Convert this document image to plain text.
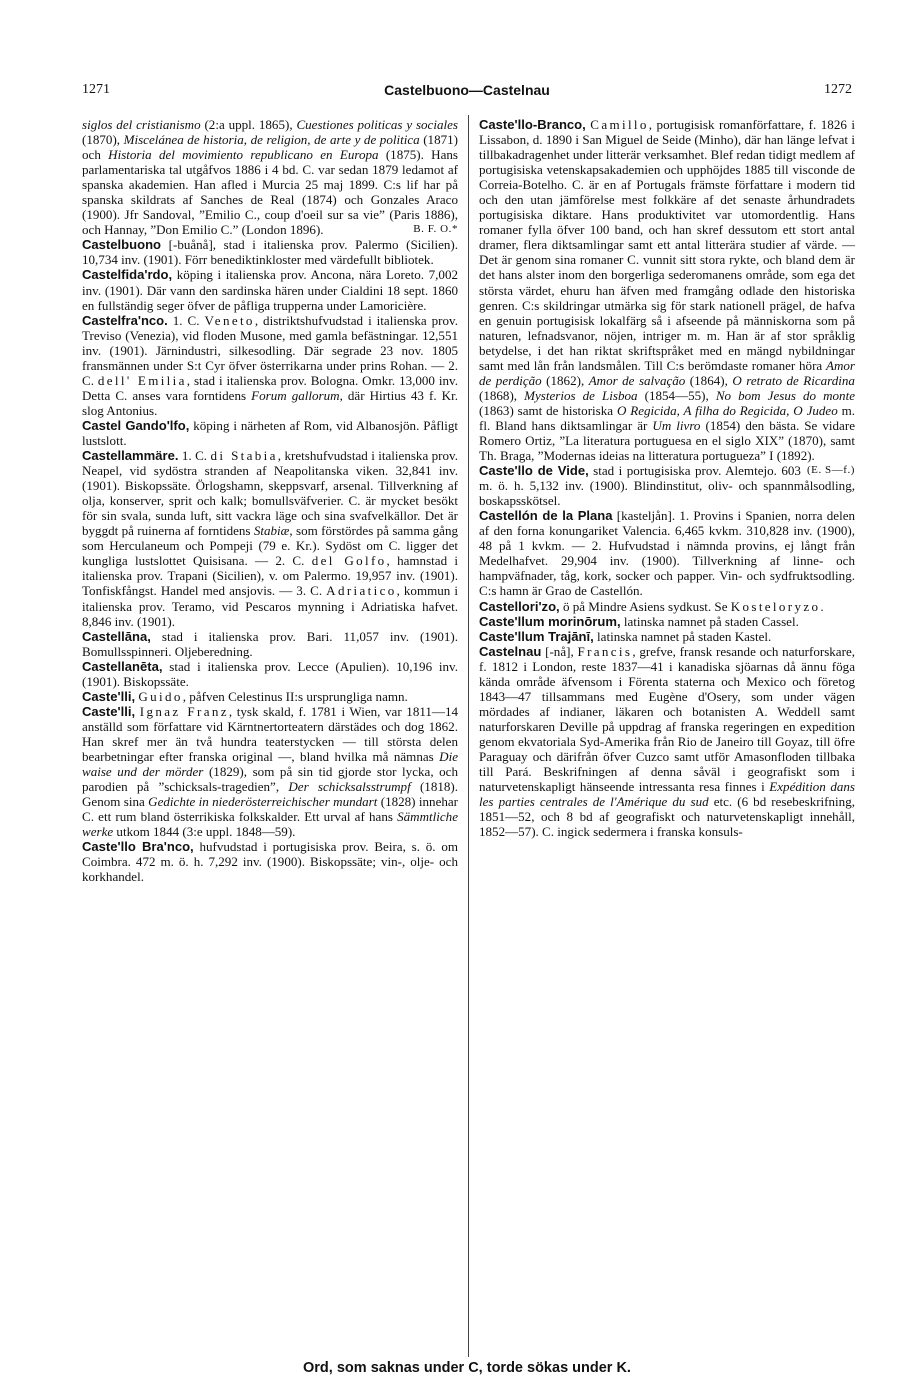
1271	Castelbuono—Castelnau	1272

siglos del cristianismo (2:a uppl. 1865), Cuestiones politicas y sociales (1870), Miscelánea de historia, de religion, de arte y de politica (1871) och Historia del movimiento republicano en Europa (1875). Hans parlamentariska tal utgåfvos 1886 i 4 bd. C. var sedan 1879 ledamot af spanska akademien. Han afled i Murcia 25 maj 1899. C:s lif har på spanska skildrats af Sanches de Real (1874) och Gonzales Araco (1900). Jfr Sandoval, ”Emilio C., coup d'oeil sur sa vie” (Paris 1886), och Hannay, ”Don Emilio C.” (London 1896).	B. F. O.*

Castelbuono [-buånå], stad i italienska prov. Palermo (Sicilien). 10,734 inv. (1901). Förr benediktinkloster med värdefullt bibliotek.

Castelfida'rdo, köping i italienska prov. Ancona, nära Loreto. 7,002 inv. (1901). Där vann den sardinska hären under Cialdini 18 sept. 1860 en fullständig seger öfver de påfliga trupperna under Lamoricière.

Castelfra'nco. 1. C. Veneto, distriktshufvudstad i italienska prov. Treviso (Venezia), vid floden Musone, med gamla befästningar. 12,551 inv. (1901). Järnindustri, silkesodling. Där segrade 23 nov. 1805 fransmännen under S:t Cyr öfver österrikarna under prins Rohan. — 2. C. dell' Emilia, stad i italienska prov. Bologna. Omkr. 13,000 inv. Detta C. anses vara forntidens Forum gallorum, där Hirtius 43 f. Kr. slog Antonius.

Castel Gando'lfo, köping i närheten af Rom, vid Albanosjön. Påfligt lustslott.

Castellammäre. 1. C. di Stabia, kretshufvudstad i italienska prov. Neapel, vid sydöstra stranden af Neapolitanska viken. 32,841 inv. (1901). Biskopssäte. Örlogshamn, skeppsvarf, arsenal. Tillverkning af olja, konserver, sprit och kalk; bomullsväfverier. C. är mycket besökt för sin svala, sunda luft, sitt vackra läge och sina svafvelkällor. Det är byggdt på ruinerna af forntidens Stabiæ, som förstördes på samma gång som Herculaneum och Pompeji (79 e. Kr.). Sydöst om C. ligger det kungliga lustslottet Quisisana. — 2. C. del Golfo, hamnstad i italienska prov. Trapani (Sicilien), v. om Palermo. 19,957 inv. (1901). Tonfiskfångst. Handel med ansjovis. — 3. C. Adriatico, kommun i italienska prov. Teramo, vid Pescaros mynning i Adriatiska hafvet. 8,846 inv. (1901).

Castellāna, stad i italienska prov. Bari. 11,057 inv. (1901). Bomullsspinneri. Oljeberedning.

Castellanēta, stad i italienska prov. Lecce (Apulien). 10,196 inv. (1901). Biskopssäte.

Caste'lli, Guido, påfven Celestinus II:s ursprungliga namn.

Caste'lli, Ignaz Franz, tysk skald, f. 1781 i Wien, var 1811—14 anställd som författare vid Kärntnertorteatern därstädes och dog 1862. Han skref mer än två hundra teaterstycken — till största delen bearbetningar efter franska original —, bland hvilka må nämnas Die waise und der mörder (1829), som på sin tid gjorde stor lycka, och parodien på ”schicksals-tragedien”, Der schicksalsstrumpf (1818). Genom sina Gedichte in niederösterreichischer mundart (1828) innehar C. ett rum bland österrikiska folkskalder. Ett urval af hans Sämmtliche werke utkom 1844 (3:e uppl. 1848—59).

Caste'llo Bra'nco, hufvudstad i portugisiska prov. Beira, s. ö. om Coimbra. 472 m. ö. h. 7,292 inv. (1900). Biskopssäte; vin-, olje- och korkhandel.

Caste'llo-Branco, Camillo, portugisisk romanförfattare, f. 1826 i Lissabon, d. 1890 i San Miguel de Seide (Minho), där han länge lefvat i tillbakadragenhet under litterär verksamhet. Blef redan tidigt medlem af portugisiska vetenskapsakademien och upphöjdes 1885 till visconde de Correia-Botelho. C. är en af Portugals främste författare i modern tid och den utan jämförelse mest folkkäre af det senaste århundradets portugisiska diktare. Hans produktivitet var utomordentlig. Hans romaner fylla öfver 100 band, och han skref dessutom ett stort antal dramer, flera diktsamlingar samt ett antal litterära studier af värde. — Det är genom sina romaner C. vunnit sitt stora rykte, och bland dem är det hans alster inom den borgerliga sederomanens område, som ega det största värdet, ehuru han äfven med framgång odlade den historiska genren. C:s skildringar utmärka sig för stark nationell prägel, de hafva en genuin portugisisk lokalfärg så i afseende på människorna som på naturen, lefnadsvanor, nöjen, intriger m. m. Han är af stor språklig betydelse, i det han riktat skriftspråket med en mängd nybildningar samt med lån från landsmålen. Till C:s berömdaste romaner höra Amor de perdição (1862), Amor de salvação (1864), O retrato de Ricardina (1868), Mysterios de Lisboa (1854—55), No bom Jesus do monte (1863) samt de historiska O Regicida, A filha do Regicida, O Judeo m. fl. Bland hans diktsamlingar är Um livro (1854) den bästa. Se vidare Romero Ortiz, ”La literatura portuguesa en el siglo XIX” (1870), samt Th. Braga, ”Modernas ideias na litteratura portugueza” I (1892).
(E. S—f.)

Caste'llo de Vide, stad i portugisiska prov. Alemtejo. 603 m. ö. h. 5,132 inv. (1900). Blindinstitut, oliv- och spannmålsodling, boskapsskötsel.

Castellón de la Plana [kasteljån]. 1. Provins i Spanien, norra delen af den forna konungariket Valencia. 6,465 kvkm. 310,828 inv. (1900), 48 på 1 kvkm. — 2. Hufvudstad i nämnda provins, ej långt från Medelhafvet. 29,904 inv. (1900). Tillverkning af linne- och hampväfnader, tåg, kork, socker och papper. Vin- och sydfruktsodling. C:s hamn är Grao de Castellón.

Castellori'zo, ö på Mindre Asiens sydkust. Se Kostelоryzo.

Caste'llum morinōrum, latinska namnet på staden Cassel.

Caste'llum Trajānī, latinska namnet på staden Kastel.

Castelnau [-nå], Francis, grefve, fransk resande och naturforskare, f. 1812 i London, reste 1837—41 i kanadiska sjöarnas då ännu föga kända område äfvensom i Förenta staterna och Mexico och företog 1843—47 tillsammans med Eugène d'Osery, som under vägen mördades af indianer, läkaren och botanisten A. Weddell samt naturforskaren Deville på uppdrag af franska regeringen en expedition genom ekvatoriala Syd-Amerika från Rio de Janeiro till Goyaz, till öfre Paraguay och därifrån öfver Cuzco samt utför Amasonfloden tillbaka till Pará. Beskrifningen af denna såväl i geografiskt som i naturvetenskapligt hänseende intressanta resa finnes i Expédition dans les parties centrales de l'Amérique du sud etc. (6 bd resebeskrifning, 1851—52, och 8 bd af geografiskt och naturvetenskapligt innehåll, 1852—57). C. ingick sedermera i franska konsuls-

Ord, som saknas under C, torde sökas under K.
